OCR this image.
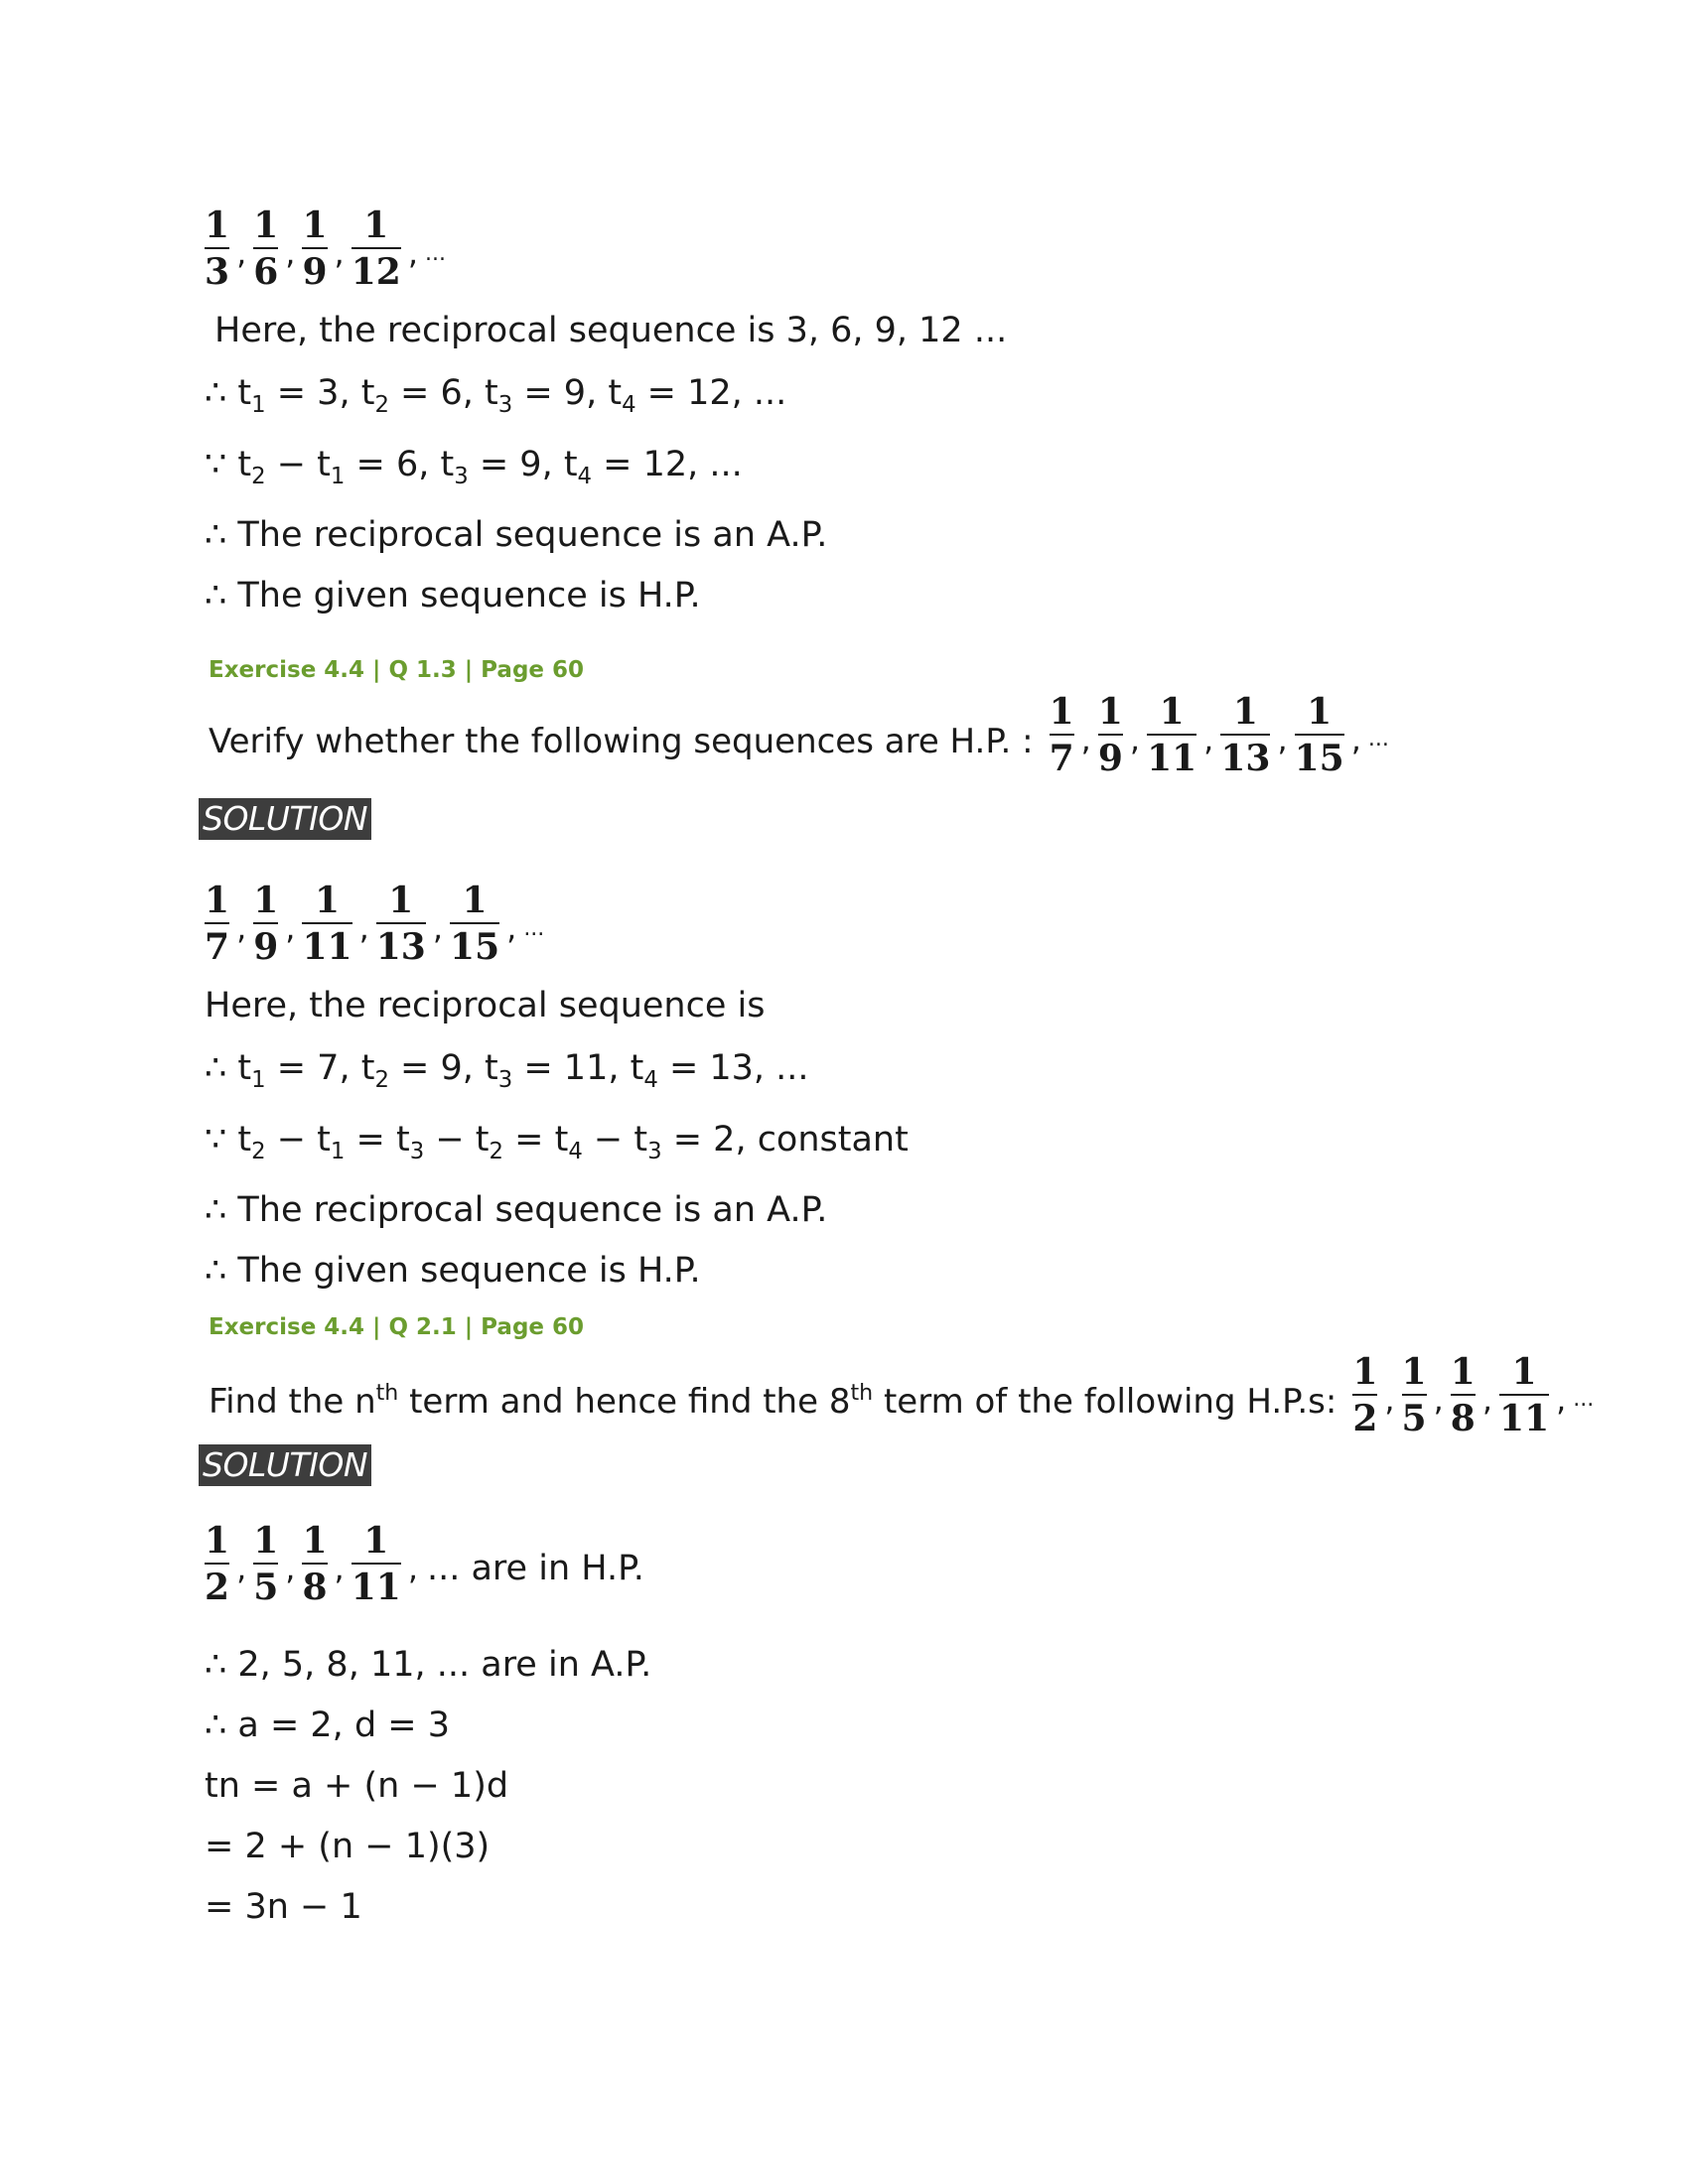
$\frac{1}{3}$ , $\frac{1}{6}$ , $\frac{1}{9}$ , $\frac{1}{12}$ , ...
Here, the reciprocal sequence is 3, 6, 9, 12 ...
∴ $t_1 = 3$, $t_2 = 6$, $t_3 = 9$, $t_4 = 12$, ...
∵ $t_2 - t_1 = 6$, $t_3 = 9$, $t_4 = 12$, ...
∴ The reciprocal sequence is an A.P.
∴ The given sequence is H.P.
Exercise 4.4 | Q 1.3 | Page 60
Verify whether the following sequences are H.P. : $\frac{1}{7}$ , $\frac{1}{9}$ , $\frac{1}{11}$ , $\frac{1}{13}$ , $\frac{1}{15}$ , ...
SOLUTION
$\frac{1}{7}$ , $\frac{1}{9}$ , $\frac{1}{11}$ , $\frac{1}{13}$ , $\frac{1}{15}$ , ...
Here, the reciprocal sequence is
∴ $t_1 = 7$, $t_2 = 9$, $t_3 = 11$, $t_4 = 13$, ...
∵ $t_2 - t_1 = t_3 - t_2 = t_4 - t_3 = 2$, constant
∴ The reciprocal sequence is an A.P.
∴ The given sequence is H.P.
Exercise 4.4 | Q 2.1 | Page 60
Find the $n^{th}$ term and hence find the 8th term of the following H.P.s: $\frac{1}{2}$ , $\frac{1}{5}$ , $\frac{1}{8}$ , $\frac{1}{11}$ , ...
SOLUTION
$\frac{1}{2}$ , $\frac{1}{5}$ , $\frac{1}{8}$ , $\frac{1}{11}$ , ... are in H.P.
∴ 2, 5, 8, 11, ... are in A.P.
∴ a = 2, d = 3
tn = a + (n − 1)d
= 2 + (n − 1)(3)
= 3n − 1
